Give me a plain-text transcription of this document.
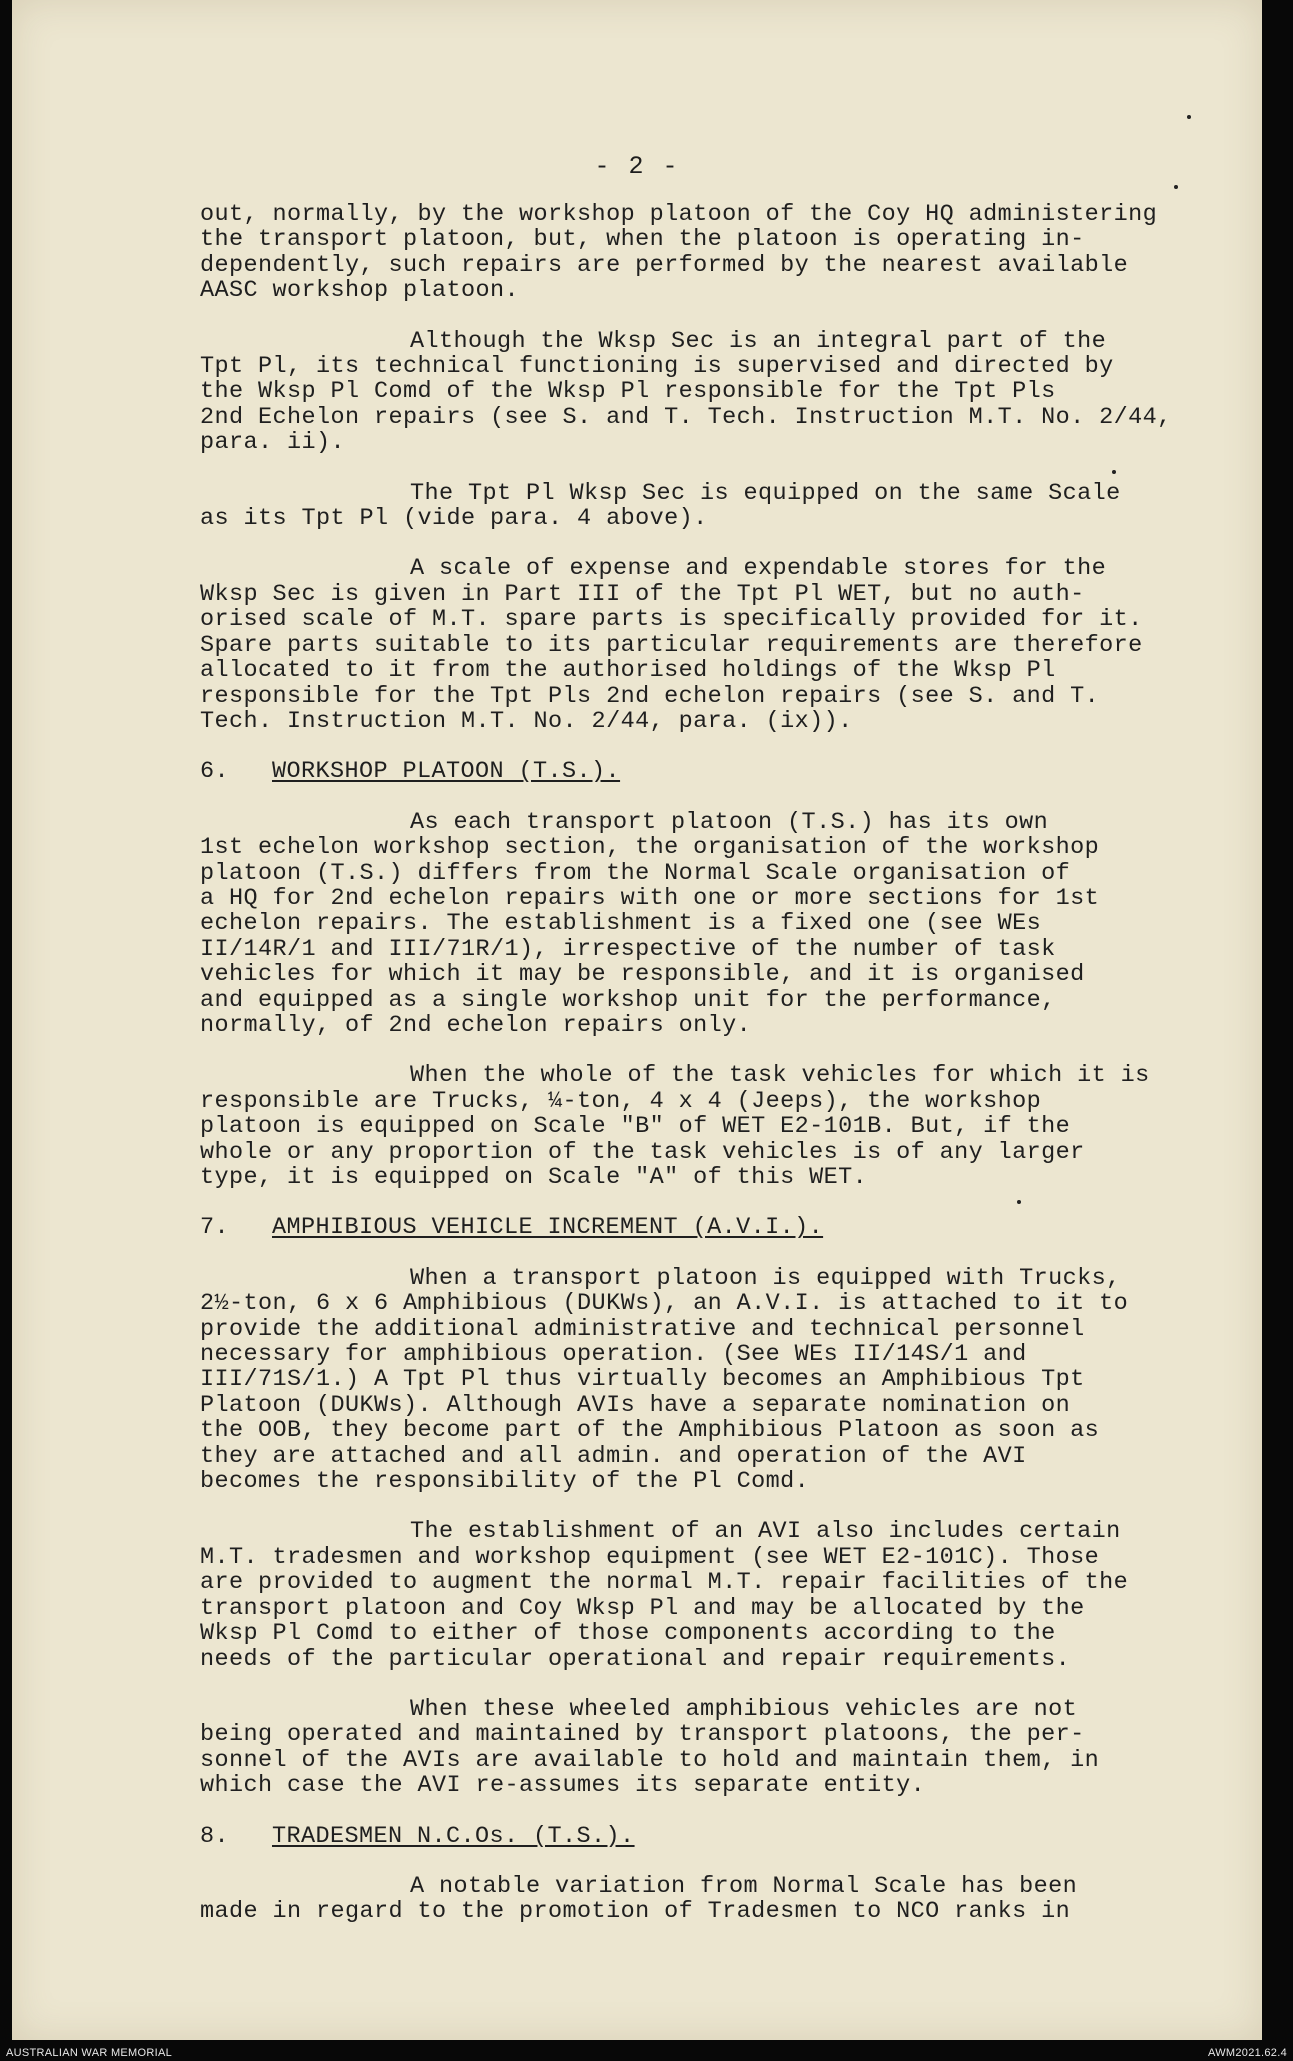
- 2 -

out, normally, by the workshop platoon of the Coy HQ administering
the transport platoon, but, when the platoon is operating in-
dependently, such repairs are performed by the nearest available
AASC workshop platoon.

Although the Wksp Sec is an integral part of the
Tpt Pl, its technical functioning is supervised and directed by
the Wksp Pl Comd of the Wksp Pl responsible for the Tpt Pls
2nd Echelon repairs (see S. and T. Tech. Instruction M.T. No. 2/44,
para. ii).

The Tpt Pl Wksp Sec is equipped on the same Scale
as its Tpt Pl (vide para. 4 above).

A scale of expense and expendable stores for the
Wksp Sec is given in Part III of the Tpt Pl WET, but no auth-
orised scale of M.T. spare parts is specifically provided for it.
Spare parts suitable to its particular requirements are therefore
allocated to it from the authorised holdings of the Wksp Pl
responsible for the Tpt Pls 2nd echelon repairs (see S. and T.
Tech. Instruction M.T. No. 2/44, para. (ix)).

6. WORKSHOP PLATOON (T.S.).

As each transport platoon (T.S.) has its own
1st echelon workshop section, the organisation of the workshop
platoon (T.S.) differs from the Normal Scale organisation of
a HQ for 2nd echelon repairs with one or more sections for 1st
echelon repairs. The establishment is a fixed one (see WEs
II/14R/1 and III/71R/1), irrespective of the number of task
vehicles for which it may be responsible, and it is organised
and equipped as a single workshop unit for the performance,
normally, of 2nd echelon repairs only.

When the whole of the task vehicles for which it is
responsible are Trucks, ¼-ton, 4 x 4 (Jeeps), the workshop
platoon is equipped on Scale "B" of WET E2-101B. But, if the
whole or any proportion of the task vehicles is of any larger
type, it is equipped on Scale "A" of this WET.

7. AMPHIBIOUS VEHICLE INCREMENT (A.V.I.).

When a transport platoon is equipped with Trucks,
2½-ton, 6 x 6 Amphibious (DUKWs), an A.V.I. is attached to it to
provide the additional administrative and technical personnel
necessary for amphibious operation. (See WEs II/14S/1 and
III/71S/1.) A Tpt Pl thus virtually becomes an Amphibious Tpt
Platoon (DUKWs). Although AVIs have a separate nomination on
the OOB, they become part of the Amphibious Platoon as soon as
they are attached and all admin. and operation of the AVI
becomes the responsibility of the Pl Comd.

The establishment of an AVI also includes certain
M.T. tradesmen and workshop equipment (see WET E2-101C). Those
are provided to augment the normal M.T. repair facilities of the
transport platoon and Coy Wksp Pl and may be allocated by the
Wksp Pl Comd to either of those components according to the
needs of the particular operational and repair requirements.

When these wheeled amphibious vehicles are not
being operated and maintained by transport platoons, the per-
sonnel of the AVIs are available to hold and maintain them, in
which case the AVI re-assumes its separate entity.

8. TRADESMEN N.C.Os. (T.S.).

A notable variation from Normal Scale has been
made in regard to the promotion of Tradesmen to NCO ranks in

AUSTRALIAN WAR MEMORIAL	AWM2021.62.4
